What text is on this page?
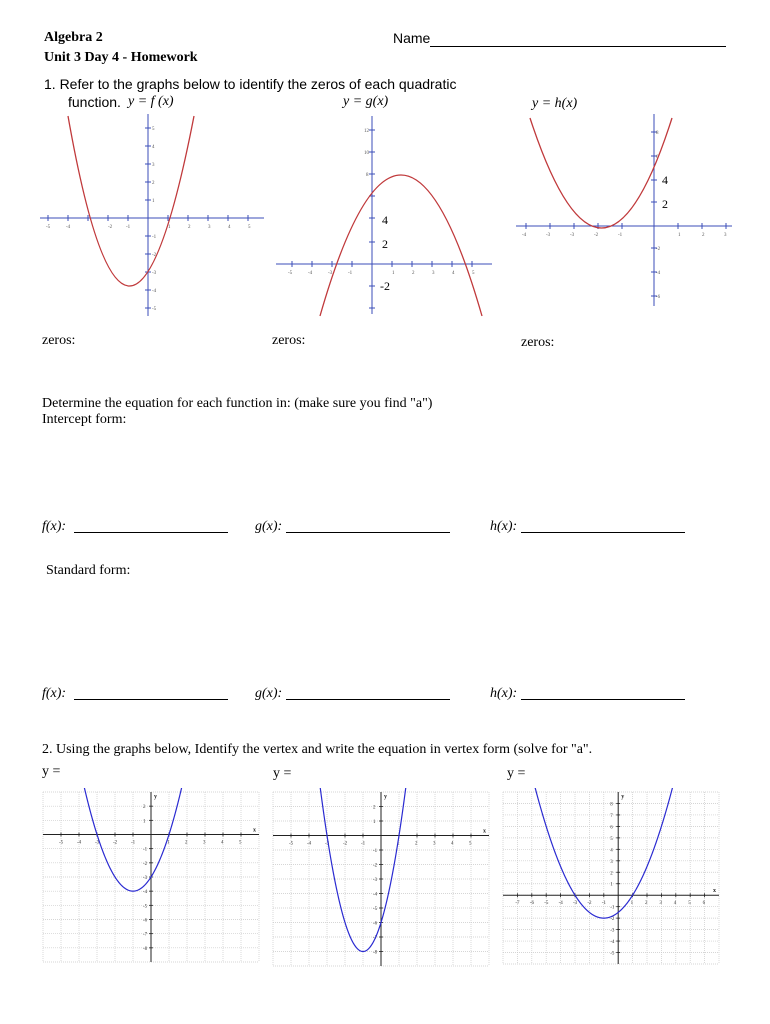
Algebra 2
Unit 3 Day 4 - Homework
Name
1. Refer to the graphs below to identify the zeros of each quadratic
function. y = f (x)	y = g(x)	y = h(x)
-5	-4	-2	-1	1	2	3	4	5
5
4
3
2
1
-1
-2
-3
-4
-5
-5	-4	-3	-1	1	2	3	4	5
12
10
8
4
2
-2
-4	-3	-3	-2	-1	1	2	3
8
6
-2
-4
-6
4
2
zeros:	zeros:	zeros:
Determine the equation for each function in: (make sure you find "a")
Intercept form:
f(x):	g(x):	h(x):
Standard form:
f(x):	g(x):	h(x):
2. Using the graphs below, Identify the vertex and write the equation in vertex form (solve for "a".
y =	y =	y =
-5	-4	-3	-2	-1	1	2	3	4	5
-8
-7
-6
-5
-4
-3
-2
-1
1
2
x
y
-5	-4	-3	-2	-1	1	2	3	4	5
-8
-7
-6
-5
-4
-3
-2
-1
1
2
x
y
-7 -6 -5 -4 -3 -2 -1	1 2 3 4 5 6
-5
-4
-3
-2
-1
1
2
3
4
5
6
7
8
x
y
